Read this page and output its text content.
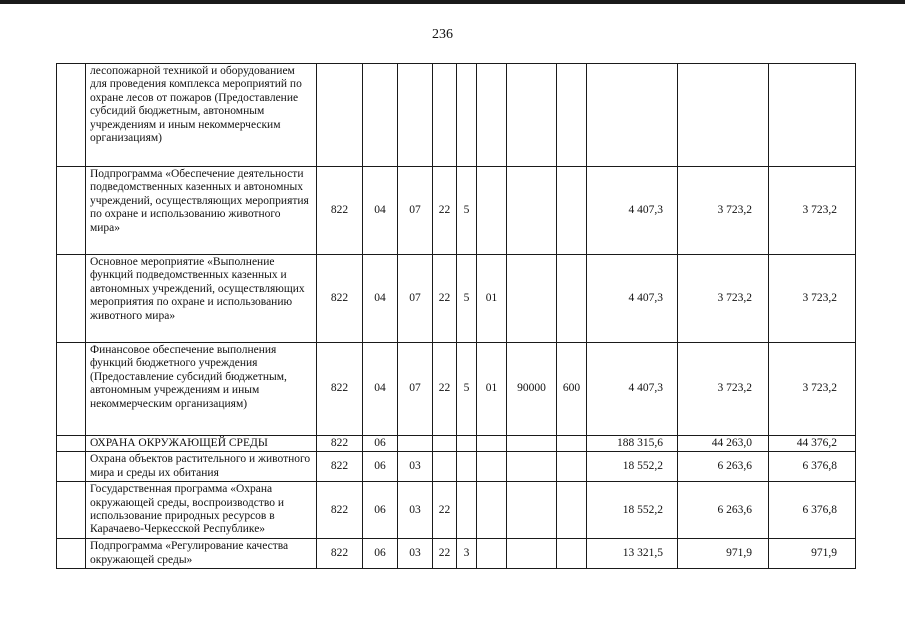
236
	лесопожарной техникой и оборудованием для проведения комплекса мероприятий по охране лесов от пожаров (Предоставление субсидий бюджетным, автономным учреждениям и иным некоммерческим организациям)											
	Подпрограмма «Обеспечение деятельности подведомственных казенных и автономных учреждений, осуществляющих мероприятия по охране и использованию животного мира»	822	04	07	22	5				4 407,3	3 723,2	3 723,2
	Основное мероприятие «Выполнение функций подведомственных казенных и автономных учреждений, осуществляющих мероприятия по охране и использованию животного мира»	822	04	07	22	5	01			4 407,3	3 723,2	3 723,2
	Финансовое обеспечение выполнения функций бюджетного учреждения (Предоставление субсидий бюджетным, автономным учреждениям и иным некоммерческим организациям)	822	04	07	22	5	01	90000	600	4 407,3	3 723,2	3 723,2
	ОХРАНА ОКРУЖАЮЩЕЙ СРЕДЫ	822	06							188 315,6	44 263,0	44 376,2
	Охрана объектов растительного и животного мира и среды их обитания	822	06	03						18 552,2	6 263,6	6 376,8
	Государственная программа «Охрана окружающей среды, воспроизводство и использование природных ресурсов в Карачаево-Черкесской Республике»	822	06	03	22					18 552,2	6 263,6	6 376,8
	Подпрограмма «Регулирование качества окружающей среды»	822	06	03	22	3				13 321,5	971,9	971,9
